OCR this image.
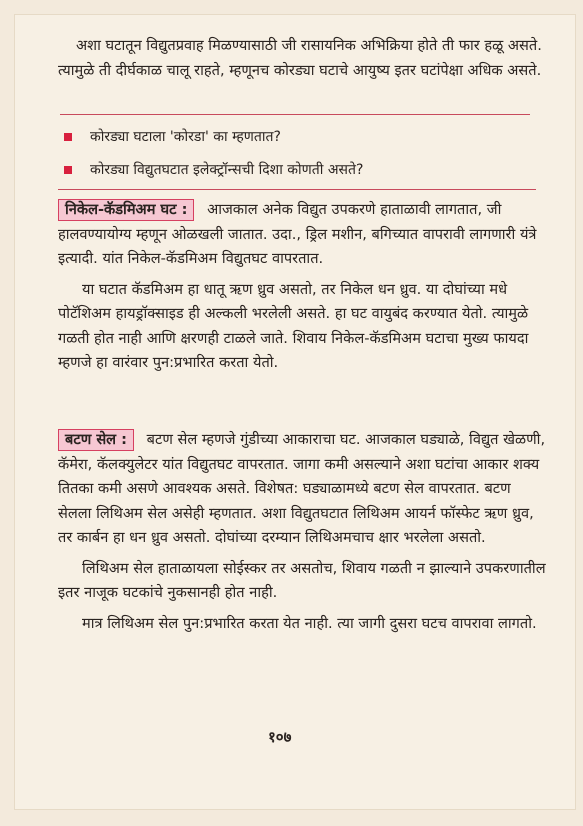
अशा घटातून विद्युतप्रवाह मिळण्यासाठी जी रासायनिक अभिक्रिया होते ती फार हळू असते. त्यामुळे ती दीर्घकाळ चालू राहते, म्हणूनच कोरड्या घटाचे आयुष्य इतर घटांपेक्षा अधिक असते.

कोरड्या घटाला 'कोरडा' का म्हणतात?
कोरड्या विद्युतघटात इलेक्ट्रॉन्सची दिशा कोणती असते?

निकेल-कॅडमिअम घट : आजकाल अनेक विद्युत उपकरणे हाताळावी लागतात, जी हालवण्यायोग्य म्हणून ओळखली जातात. उदा., ड्रिल मशीन, बगिच्यात वापरावी लागणारी यंत्रे इत्यादी. यांत निकेल-कॅडमिअम विद्युतघट वापरतात.

या घटात कॅडमिअम हा धातू ऋण ध्रुव असतो, तर निकेल धन ध्रुव. या दोघांच्या मधे पोटॅशिअम हायड्रॉक्साइड ही अल्कली भरलेली असते. हा घट वायुबंद करण्यात येतो. त्यामुळे गळती होत नाही आणि क्षरणही टाळले जाते. शिवाय निकेल-कॅडमिअम घटाचा मुख्य फायदा म्हणजे हा वारंवार पुन:प्रभारित करता येतो.

बटण सेल : बटण सेल म्हणजे गुंडीच्या आकाराचा घट. आजकाल घड्याळे, विद्युत खेळणी, कॅमेरा, कॅलक्युलेटर यांत विद्युतघट वापरतात. जागा कमी असल्याने अशा घटांचा आकार शक्य तितका कमी असणे आवश्यक असते. विशेषत: घड्याळामध्ये बटण सेल वापरतात. बटण सेलला लिथिअम सेल असेही म्हणतात. अशा विद्युतघटात लिथिअम आयर्न फॉस्फेट ऋण ध्रुव, तर कार्बन हा धन ध्रुव असतो. दोघांच्या दरम्यान लिथिअमचाच क्षार भरलेला असतो.

लिथिअम सेल हाताळायला सोईस्कर तर असतोच, शिवाय गळती न झाल्याने उपकरणातील इतर नाजूक घटकांचे नुकसानही होत नाही.

मात्र लिथिअम सेल पुन:प्रभारित करता येत नाही. त्या जागी दुसरा घटच वापरावा लागतो.

१०७
